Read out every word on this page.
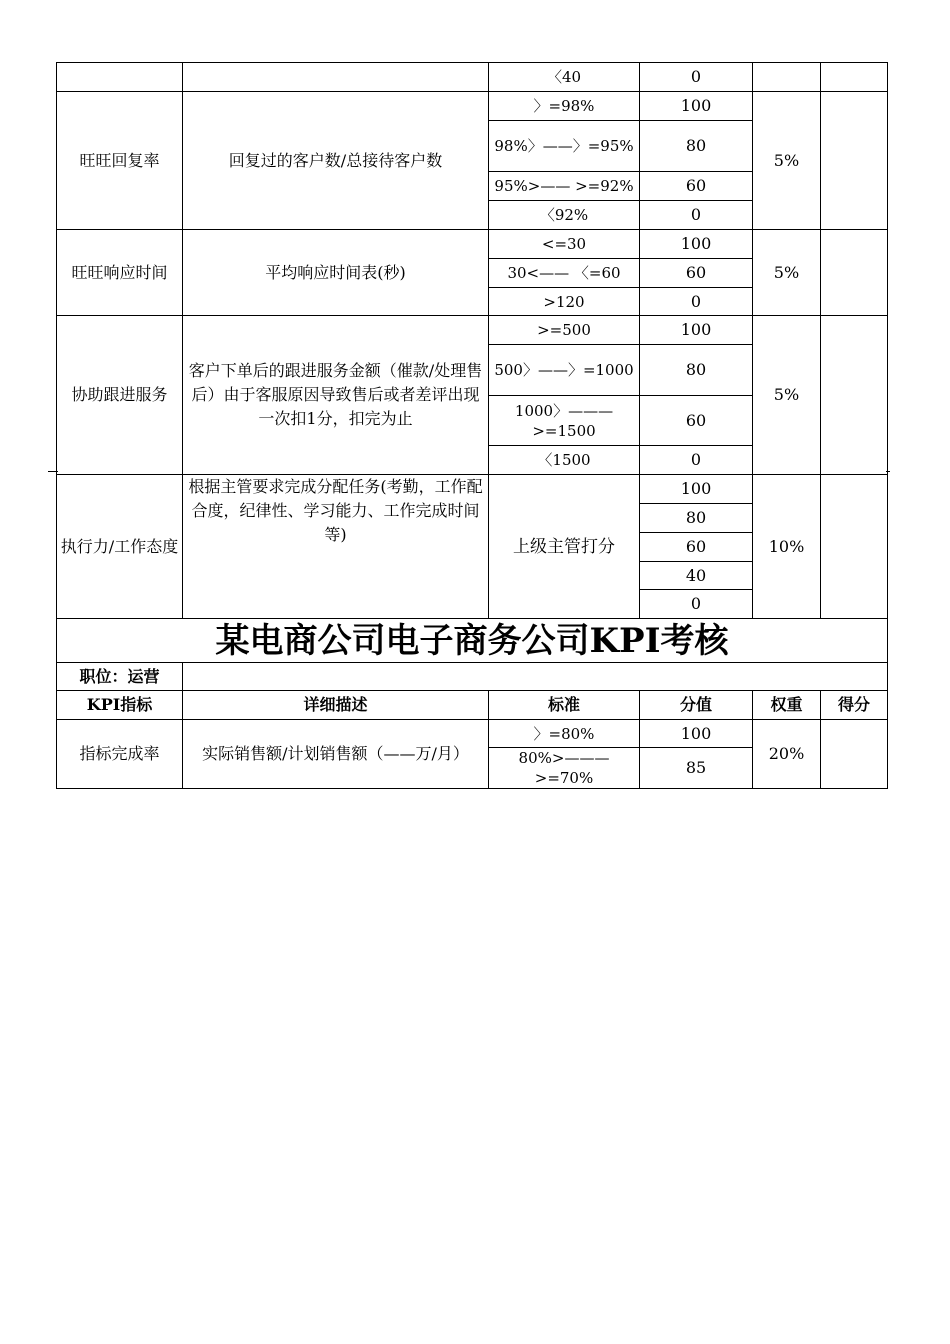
		〈40	0		
旺旺回复率	回复过的客户数/总接待客户数	〉=98%	100	5%	
		98%〉——〉=95%	80		
		95%>—— >=92%	60		
		〈92%	0		
旺旺响应时间	平均响应时间表(秒)	<=30	100	5%	
		30<—— 〈=60	60		
		>120	0		
协助跟进服务	客户下单后的跟进服务金额（催款/处理售后）由于客服原因导致售后或者差评出现一次扣1分，扣完为止	>=500	100	5%	
		500〉——〉=1000	80		
		1000〉———>=1500	60		
		〈1500	0		
执行力/工作态度	根据主管要求完成分配任务(考勤，工作配合度，纪律性、学习能力、工作完成时间等)	上级主管打分	100	10%	
			80		
			60		
			40		
			0		
某电商公司电子商务公司KPI考核					
职位：运营					
KPI指标	详细描述	标准	分值	权重	得分
指标完成率	实际销售额/计划销售额（——万/月）	〉=80%	100	20%	
		80%>———>=70%	85		
